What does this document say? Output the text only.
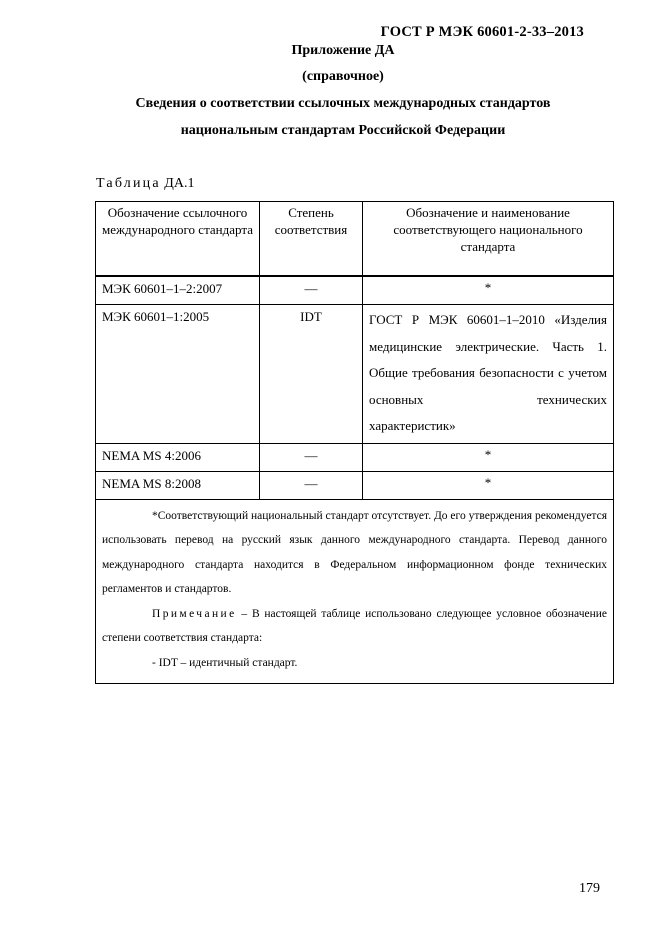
ГОСТ Р МЭК 60601-2-33–2013
Приложение ДА
(справочное)
Сведения о соответствии ссылочных международных стандартов
национальным стандартам Российской Федерации
Таблица ДА.1
Обозначение ссылочного международного стандарта	Степень соответствия	Обозначение и наименование соответствующего национального стандарта
МЭК 60601–1–2:2007	—	*
МЭК 60601–1:2005	IDT	ГОСТ Р МЭК 60601–1–2010 «Изделия медицинские электрические. Часть 1. Общие требования безопасности с учетом основных технических
характеристик»

NEMA MS 4:2006	—	*
NEMA MS 8:2008	—	*

*Соответствующий национальный стандарт отсутствует. До его утверждения рекомендуется использовать перевод на русский язык данного международного стандарта. Перевод данного международного стандарта находится в Федеральном информационном фонде технических регламентов и стандартов.

Примечание – В настоящей таблице использовано следующее условное обозначение степени соответствия стандарта:

- IDT – идентичный стандарт.		

179
